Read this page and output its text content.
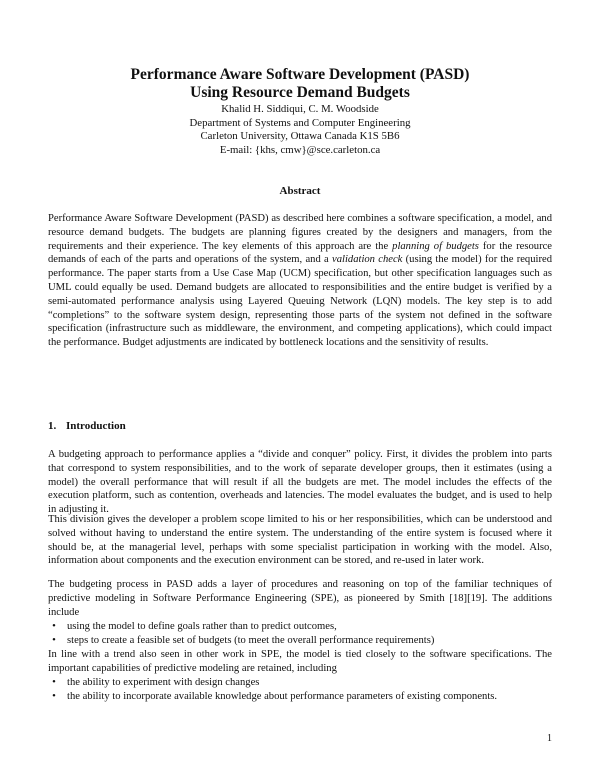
Performance Aware Software Development (PASD)
Using Resource Demand Budgets
Khalid H. Siddiqui, C. M. Woodside
Department of Systems and Computer Engineering
Carleton University, Ottawa Canada K1S 5B6
E-mail: {khs, cmw}@sce.carleton.ca
Abstract

Performance Aware Software Development (PASD) as described here combines a software specification, a model, and resource demand budgets. The budgets are planning figures created by the designers and managers, from the requirements and their experience. The key elements of this approach are the planning of budgets for the resource demands of each of the parts and operations of the system, and a validation check (using the model) for the required performance. The paper starts from a Use Case Map (UCM) specification, but other specification languages such as UML could equally be used. Demand budgets are allocated to responsibilities and the entire budget is verified by a semi-automated performance analysis using Layered Queuing Network (LQN) models. The key step is to add “completions” to the software system design, representing those parts of the system not defined in the software specification (infrastructure such as middleware, the environment, and competing applications), which could impact the performance. Budget adjustments are indicated by bottleneck locations and the sensitivity of results.

1. Introduction

A budgeting approach to performance applies a “divide and conquer” policy. First, it divides the problem into parts that correspond to system responsibilities, and to the work of separate developer groups, then it estimates (using a model) the overall performance that will result if all the budgets are met. The model includes the effects of the execution platform, such as contention, overheads and latencies. The model evaluates the budget, and is used to help in adjusting it.

This division gives the developer a problem scope limited to his or her responsibilities, which can be understood and solved without having to understand the entire system. The understanding of the entire system is focused where it should be, at the managerial level, perhaps with some specialist participation in working with the model. Also, information about components and the execution environment can be stored, and re-used in later work.

The budgeting process in PASD adds a layer of procedures and reasoning on top of the familiar techniques of predictive modeling in Software Performance Engineering (SPE), as pioneered by Smith [18][19]. The additions include

•	using the model to define goals rather than to predict outcomes,
•	steps to create a feasible set of budgets (to meet the overall performance requirements)

In line with a trend also seen in other work in SPE, the model is tied closely to the software specifications. The important capabilities of predictive modeling are retained, including

•	the ability to experiment with design changes
•	the ability to incorporate available knowledge about performance parameters of existing components.
1
